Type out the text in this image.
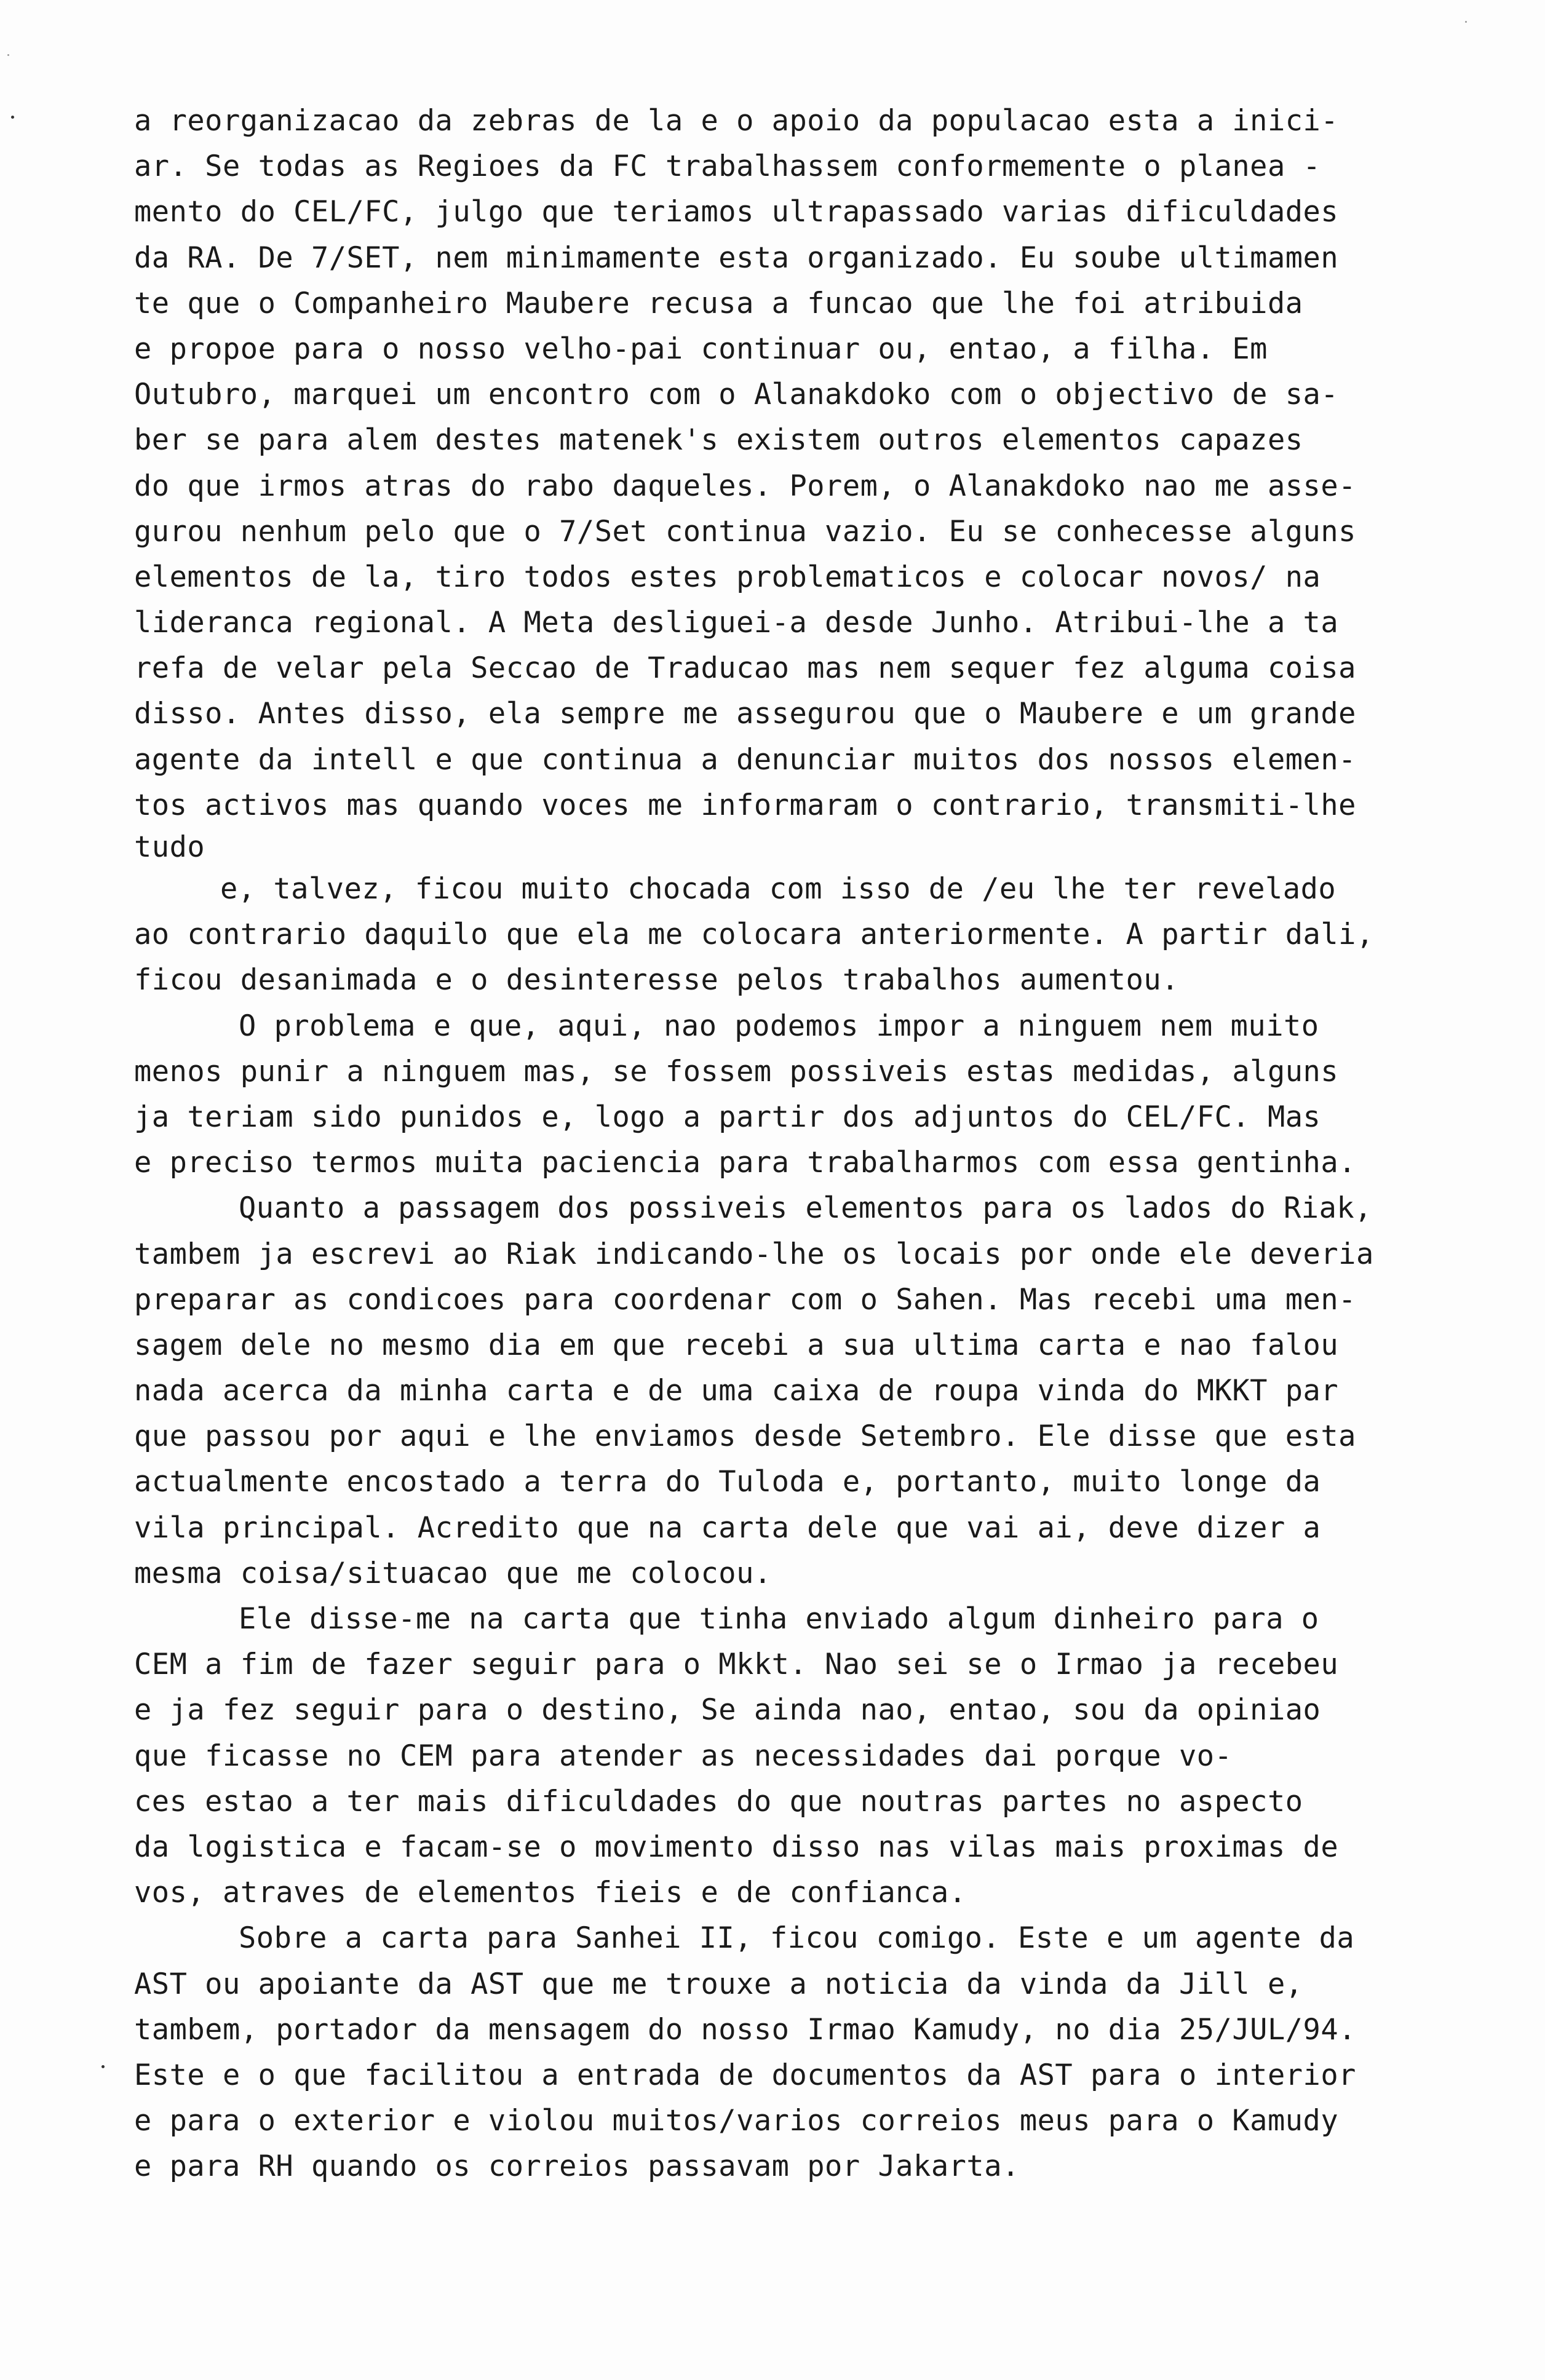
a reorganizacao da zebras de la e o apoio da populacao esta a inici-
ar. Se todas as Regioes da FC trabalhassem conformemente o planea -
mento do CEL/FC, julgo que teriamos ultrapassado varias dificuldades
da RA. De 7/SET, nem minimamente esta organizado. Eu soube ultimamen
te que o Companheiro Maubere recusa a funcao que lhe foi atribuida
e propoe para o nosso velho-pai continuar ou, entao, a filha. Em
Outubro, marquei um encontro com o Alanakdoko com o objectivo de sa-
ber se para alem destes matenek's existem outros elementos capazes
do que irmos atras do rabo daqueles. Porem, o Alanakdoko nao me asse-
gurou nenhum pelo que o 7/Set continua vazio. Eu se conhecesse alguns
elementos de la, tiro todos estes problematicos e colocar novos/ na
lideranca regional. A Meta desliguei-a desde Junho. Atribui-lhe a ta
refa de velar pela Seccao de Traducao mas nem sequer fez alguma coisa
disso. Antes disso, ela sempre me assegurou que o Maubere e um grande
agente da intell e que continua a denunciar muitos dos nossos elemen-
tos activos mas quando voces me informaram o contrario, transmiti-lhe
tudo
e, talvez, ficou muito chocada com isso de /eu lhe ter revelado
ao contrario daquilo que ela me colocara anteriormente. A partir dali,
ficou desanimada e o desinteresse pelos trabalhos aumentou.
O problema e que, aqui, nao podemos impor a ninguem nem muito
menos punir a ninguem mas, se fossem possiveis estas medidas, alguns
ja teriam sido punidos e, logo a partir dos adjuntos do CEL/FC. Mas
e preciso termos muita paciencia para trabalharmos com essa gentinha.
Quanto a passagem dos possiveis elementos para os lados do Riak,
tambem ja escrevi ao Riak indicando-lhe os locais por onde ele deveria
preparar as condicoes para coordenar com o Sahen. Mas recebi uma men-
sagem dele no mesmo dia em que recebi a sua ultima carta e nao falou
nada acerca da minha carta e de uma caixa de roupa vinda do MKKT par
que passou por aqui e lhe enviamos desde Setembro. Ele disse que esta
actualmente encostado a terra do Tuloda e, portanto, muito longe da
vila principal. Acredito que na carta dele que vai ai, deve dizer a
mesma coisa/situacao que me colocou.
Ele disse-me na carta que tinha enviado algum dinheiro para o
CEM a fim de fazer seguir para o Mkkt. Nao sei se o Irmao ja recebeu
e ja fez seguir para o destino, Se ainda nao, entao, sou da opiniao
que ficasse no CEM para atender as necessidades dai porque vo-
ces estao a ter mais dificuldades do que noutras partes no aspecto
da logistica e facam-se o movimento disso nas vilas mais proximas de
vos, atraves de elementos fieis e de confianca.
Sobre a carta para Sanhei II, ficou comigo. Este e um agente da
AST ou apoiante da AST que me trouxe a noticia da vinda da Jill e,
tambem, portador da mensagem do nosso Irmao Kamudy, no dia 25/JUL/94.
Este e o que facilitou a entrada de documentos da AST para o interior
e para o exterior e violou muitos/varios correios meus para o Kamudy
e para RH quando os correios passavam por Jakarta.
